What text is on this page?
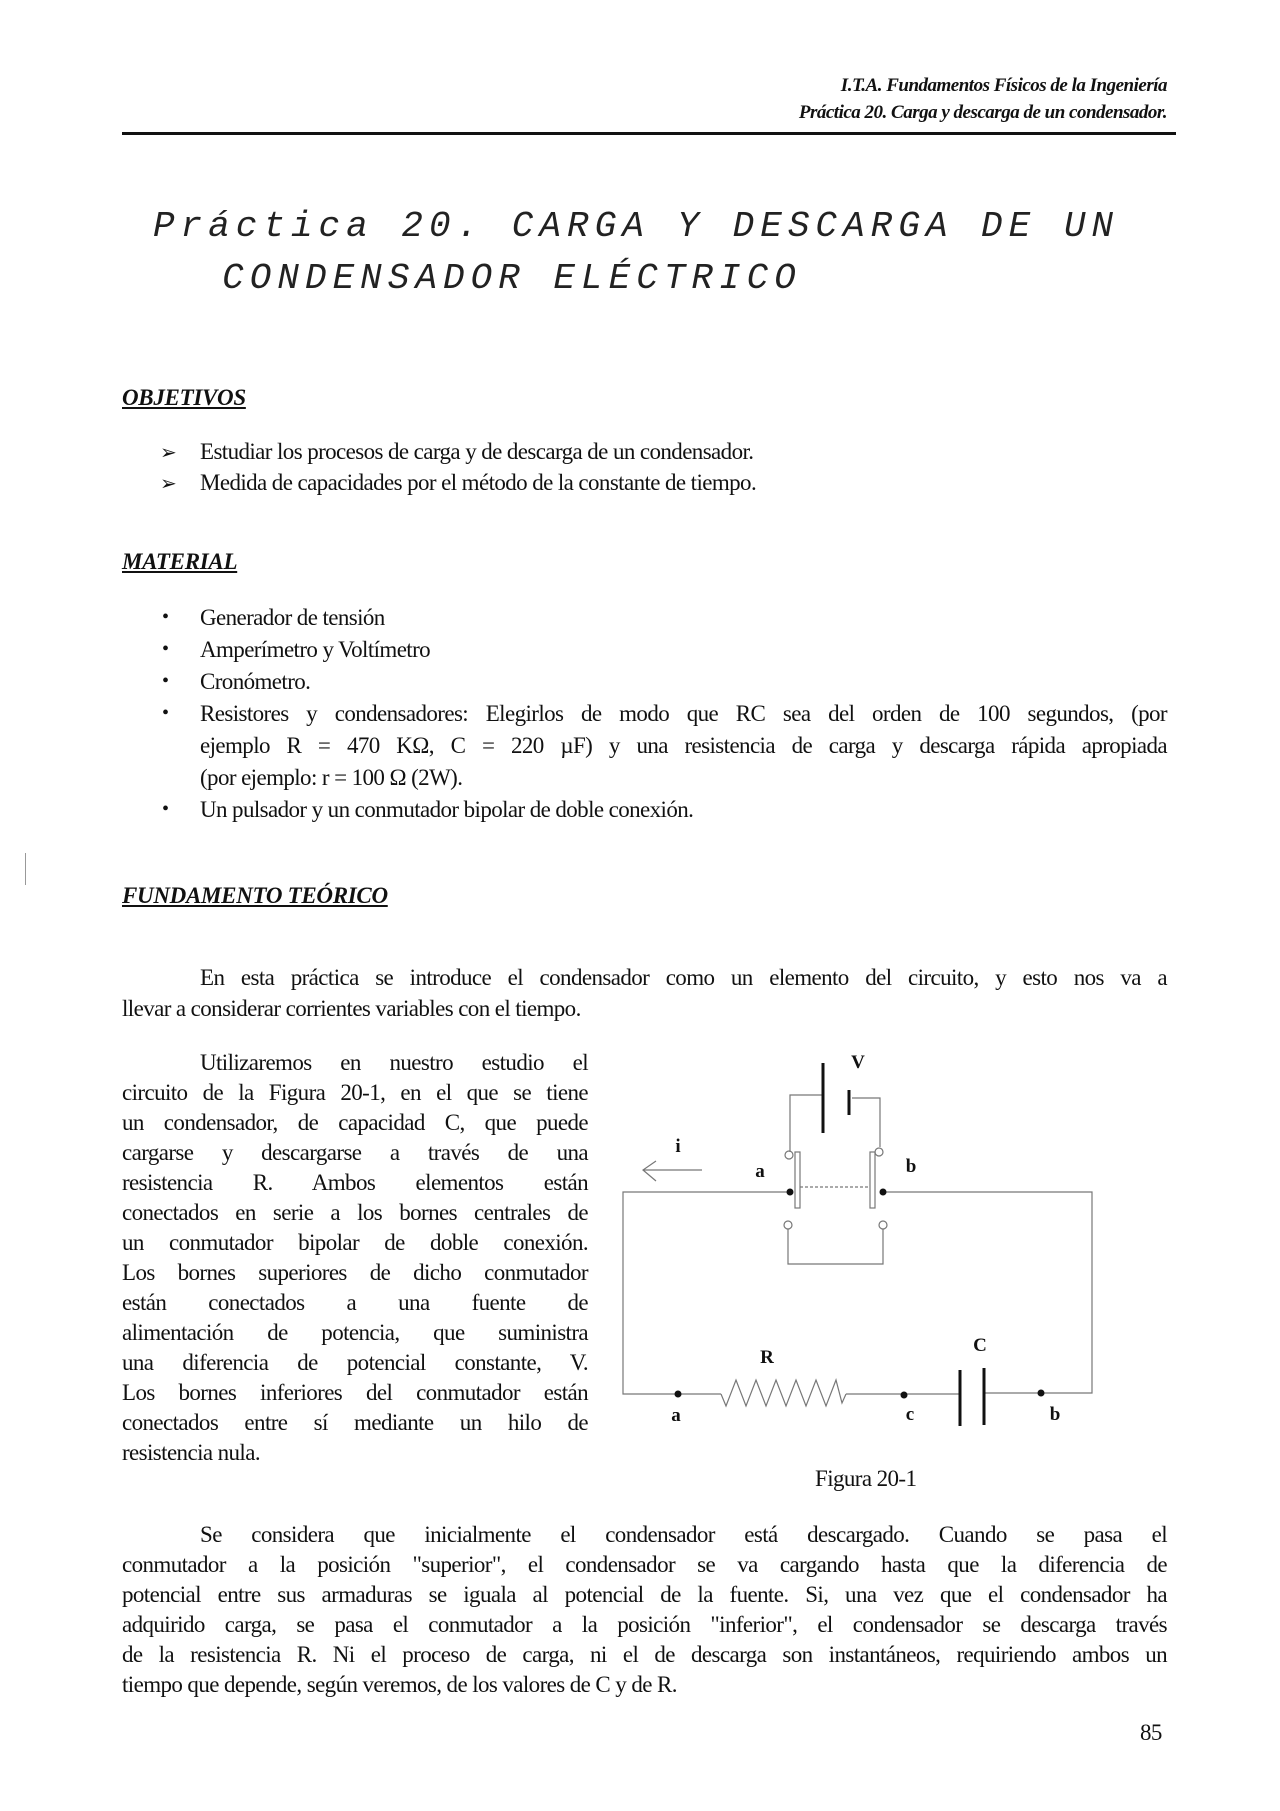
I.T.A. Fundamentos Físicos de la Ingeniería
Práctica 20. Carga y descarga de un condensador.
Práctica 20. CARGA Y DESCARGA DE UN
CONDENSADOR ELÉCTRICO
OBJETIVOS
➢ Estudiar los procesos de carga y de descarga de un condensador.
➢ Medida de capacidades por el método de la constante de tiempo.
MATERIAL
• Generador de tensión
• Amperímetro y Voltímetro
• Cronómetro.
• Resistores y condensadores: Elegirlos de modo que RC sea del orden de 100 segundos, (por
ejemplo R = 470 KΩ, C = 220 µF) y una resistencia de carga y descarga rápida apropiada
(por ejemplo: r = 100 Ω (2W).
• Un pulsador y un conmutador bipolar de doble conexión.
FUNDAMENTO TEÓRICO
En esta práctica se introduce el condensador como un elemento del circuito, y esto nos va a
llevar a considerar corrientes variables con el tiempo.
Utilizaremos en nuestro estudio el
circuito de la Figura 20-1, en el que se tiene
un condensador, de capacidad C, que puede
cargarse y descargarse a través de una
resistencia R. Ambos elementos están
conectados en serie a los bornes centrales de
un conmutador bipolar de doble conexión.
Los bornes superiores de dicho conmutador
están conectados a una fuente de
alimentación de potencia, que suministra
una diferencia de potencial constante, V.
Los bornes inferiores del conmutador están
conectados entre sí mediante un hilo de
resistencia nula.
V
i
a	b
R
C
a	c	b
Figura 20-1
Se considera que inicialmente el condensador está descargado. Cuando se pasa el
conmutador a la posición "superior", el condensador se va cargando hasta que la diferencia de
potencial entre sus armaduras se iguala al potencial de la fuente. Si, una vez que el condensador ha
adquirido carga, se pasa el conmutador a la posición "inferior", el condensador se descarga través
de la resistencia R. Ni el proceso de carga, ni el de descarga son instantáneos, requiriendo ambos un
tiempo que depende, según veremos, de los valores de C y de R.
85
